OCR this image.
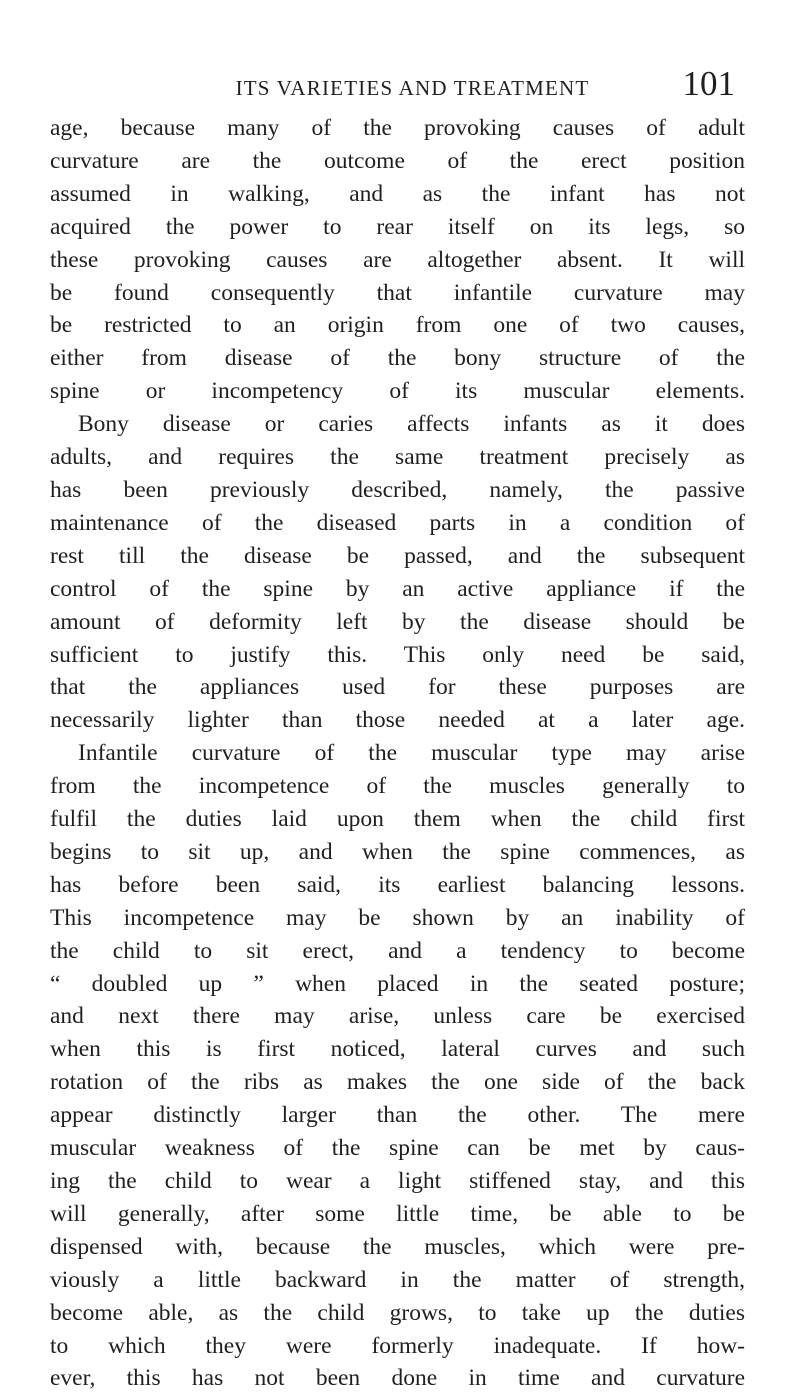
ITS VARIETIES AND TREATMENT	101
age, because many of the provoking causes of adult
curvature are the outcome of the erect position
assumed in walking, and as the infant has not
acquired the power to rear itself on its legs, so
these provoking causes are altogether absent. It will
be found consequently that infantile curvature may
be restricted to an origin from one of two causes,
either from disease of the bony structure of the
spine or incompetency of its muscular elements.
Bony disease or caries affects infants as it does
adults, and requires the same treatment precisely as
has been previously described, namely, the passive
maintenance of the diseased parts in a condition of
rest till the disease be passed, and the subsequent
control of the spine by an active appliance if the
amount of deformity left by the disease should be
sufficient to justify this. This only need be said,
that the appliances used for these purposes are
necessarily lighter than those needed at a later age.
Infantile curvature of the muscular type may arise
from the incompetence of the muscles generally to
fulfil the duties laid upon them when the child first
begins to sit up, and when the spine commences, as
has before been said, its earliest balancing lessons.
This incompetence may be shown by an inability of
the child to sit erect, and a tendency to become
“ doubled up ” when placed in the seated posture;
and next there may arise, unless care be exercised
when this is first noticed, lateral curves and such
rotation of the ribs as makes the one side of the back
appear distinctly larger than the other. The mere
muscular weakness of the spine can be met by caus-
ing the child to wear a light stiffened stay, and this
will generally, after some little time, be able to be
dispensed with, because the muscles, which were pre-
viously a little backward in the matter of strength,
become able, as the child grows, to take up the duties
to which they were formerly inadequate. If how-
ever, this has not been done in time and curvature
